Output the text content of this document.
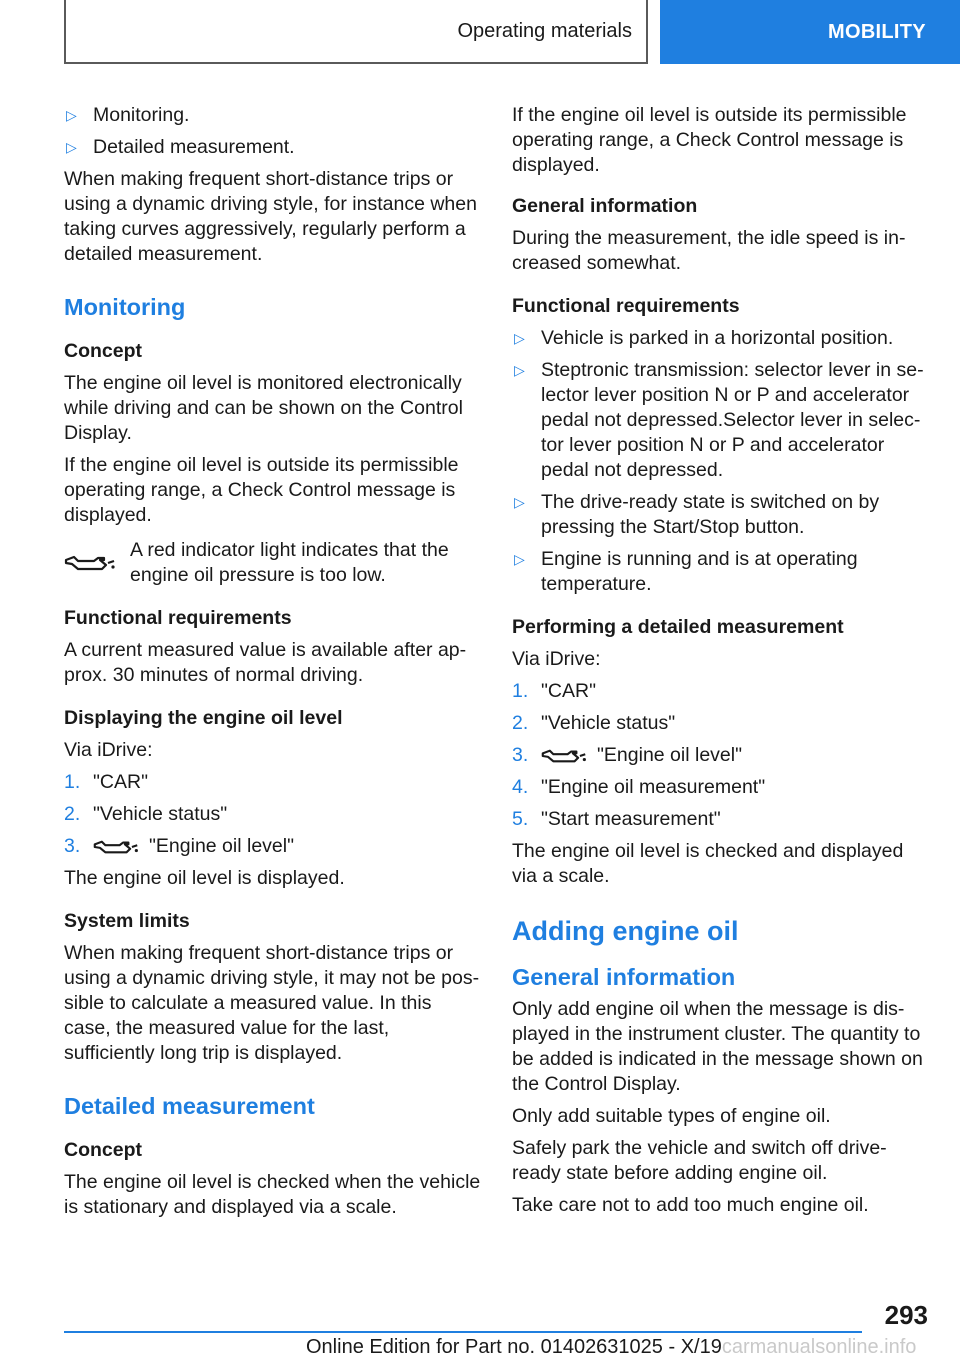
Operating materials	MOBILITY
▷ Monitoring.
▷ Detailed measurement.

When making frequent short-distance trips or using a dynamic driving style, for instance when taking curves aggressively, regularly perform a detailed measurement.

Monitoring
Concept

The engine oil level is monitored electronically while driving and can be shown on the Control Display.

If the engine oil level is outside its permissible operating range, a Check Control message is displayed.

A red indicator light indicates that the engine oil pressure is too low.
Functional requirements

A current measured value is available after approx. 30 minutes of normal driving.

Displaying the engine oil level

Via iDrive:

1. "CAR"
2. "Vehicle status"
3.	"Engine oil level"

The engine oil level is displayed.

System limits

When making frequent short-distance trips or using a dynamic driving style, it may not be possible to calculate a measured value. In this case, the measured value for the last, sufficiently long trip is displayed.

Detailed measurement
Concept

The engine oil level is checked when the vehicle is stationary and displayed via a scale.

If the engine oil level is outside its permissible operating range, a Check Control message is displayed.

General information

During the measurement, the idle speed is increased somewhat.

Functional requirements
▷ Vehicle is parked in a horizontal position.
▷ Steptronic transmission: selector lever in selector lever position N or P and accelerator pedal not depressed.Selector lever in selector lever position N or P and accelerator pedal not depressed.
▷ The drive-ready state is switched on by pressing the Start/Stop button.
▷ Engine is running and is at operating temperature.
Performing a detailed measurement

Via iDrive:

1. "CAR"
2. "Vehicle status"
3.	"Engine oil level"
4. "Engine oil measurement"
5. "Start measurement"

The engine oil level is checked and displayed via a scale.

Adding engine oil
General information

Only add engine oil when the message is displayed in the instrument cluster. The quantity to be added is indicated in the message shown on the Control Display.

Only add suitable types of engine oil.

Safely park the vehicle and switch off drive-ready state before adding engine oil.

Take care not to add too much engine oil.

293
Online Edition for Part no. 01402631025 - X/19carmanualsonline.info
